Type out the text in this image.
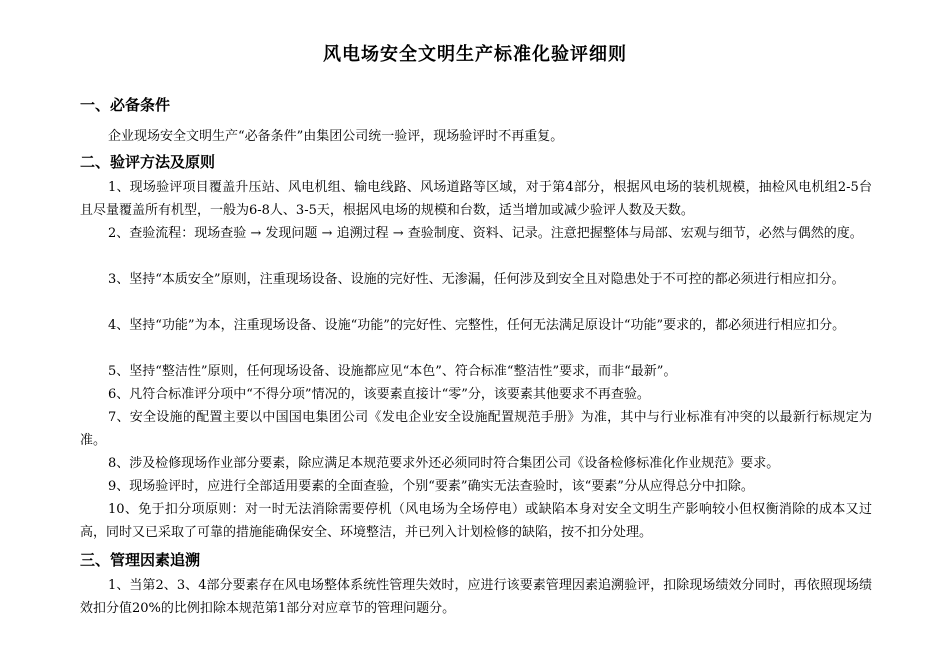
风电场安全文明生产标准化验评细则
一、必备条件
企业现场安全文明生产“必备条件”由集团公司统一验评，现场验评时不再重复。
二、验评方法及原则
1、现场验评项目覆盖升压站、风电机组、输电线路、风场道路等区域，对于第4部分，根据风电场的装机规模，抽检风电机组2-5台且尽量覆盖所有机型，一般为6-8人、3-5天，根据风电场的规模和台数，适当增加或减少验评人数及天数。
2、查验流程：现场查验 → 发现问题 → 追溯过程 → 查验制度、资料、记录。注意把握整体与局部、宏观与细节，必然与偶然的度。
3、坚持“本质安全”原则，注重现场设备、设施的完好性、无渗漏，任何涉及到安全且对隐患处于不可控的都必须进行相应扣分。
4、坚持“功能”为本，注重现场设备、设施“功能”的完好性、完整性，任何无法满足原设计“功能”要求的，都必须进行相应扣分。
5、坚持“整洁性”原则，任何现场设备、设施都应见“本色”、符合标准“整洁性”要求，而非“最新”。
6、凡符合标准评分项中“不得分项”情况的，该要素直接计“零”分，该要素其他要求不再查验。
7、安全设施的配置主要以中国国电集团公司《发电企业安全设施配置规范手册》为准，其中与行业标准有冲突的以最新行标规定为准。
8、涉及检修现场作业部分要素，除应满足本规范要求外还必须同时符合集团公司《设备检修标准化作业规范》要求。
9、现场验评时，应进行全部适用要素的全面查验，个别“要素”确实无法查验时，该“要素”分从应得总分中扣除。
10、免于扣分项原则：对一时无法消除需要停机（风电场为全场停电）或缺陷本身对安全文明生产影响较小但权衡消除的成本又过高，同时又已采取了可靠的措施能确保安全、环境整洁，并已列入计划检修的缺陷，按不扣分处理。
三、管理因素追溯
1、当第2、3、4部分要素存在风电场整体系统性管理失效时，应进行该要素管理因素追溯验评，扣除现场绩效分同时，再依照现场绩效扣分值20%的比例扣除本规范第1部分对应章节的管理问题分。
